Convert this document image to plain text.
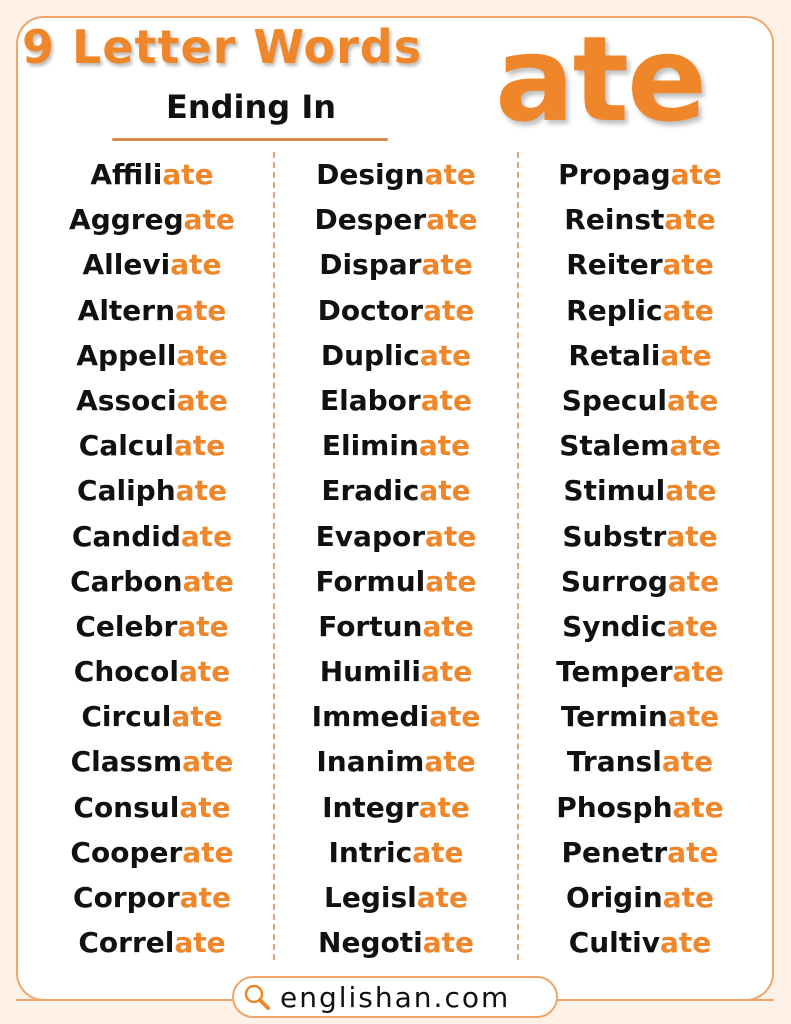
9 Letter Words
Ending In	ate
Affiliate
Aggregate
Alleviate
Alternate
Appellate
Associate
Calculate
Caliphate
Candidate
Carbonate
Celebrate
Chocolate
Circulate
Classmate
Consulate
Cooperate
Corporate
Correlate
Designate
Desperate
Disparate
Doctorate
Duplicate
Elaborate
Eliminate
Eradicate
Evaporate
Formulate
Fortunate
Humiliate
Immediate
Inanimate
Integrate
Intricate
Legislate
Negotiate
Propagate
Reinstate
Reiterate
Replicate
Retaliate
Speculate
Stalemate
Stimulate
Substrate
Surrogate
Syndicate
Temperate
Terminate
Translate
Phosphate
Penetrate
Originate
Cultivate
englishan.com
